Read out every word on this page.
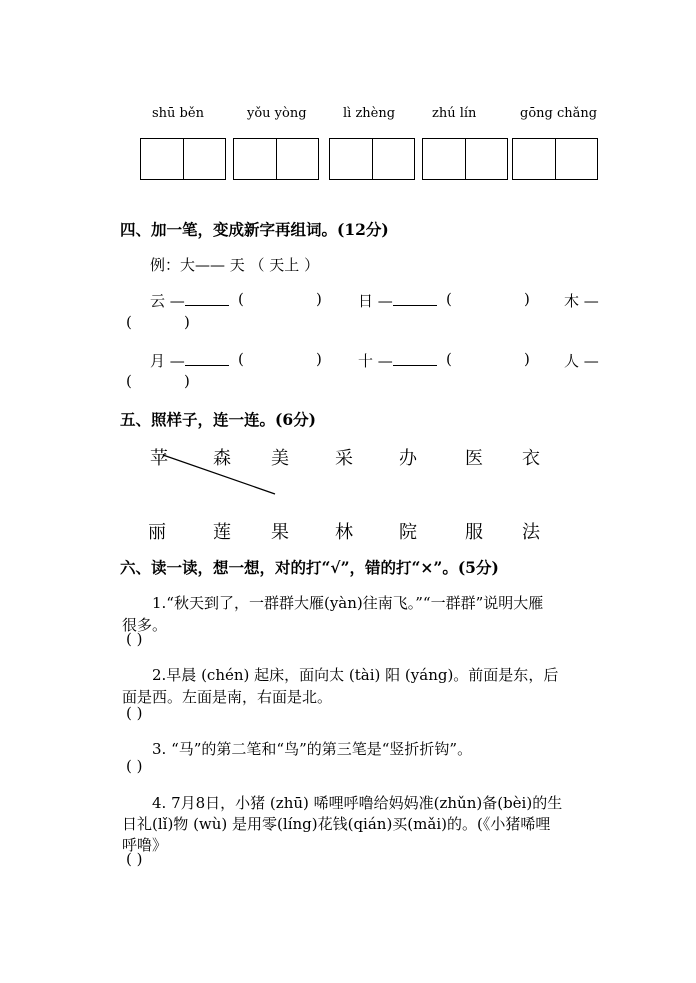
shū běn	yǒu yòng	lì zhèng	zhú lín	gōng chǎng
四、加一笔，变成新字再组词。(12分)
例：大—— 天 （ 天上 ）
云 —	(	) 日 —	(	) 木 —
(	)
月 —	(	) 十 —	(	) 人 —
(	)
五、照样子，连一连。(6分)
苹	森 美	采	办	医 衣
丽	莲 果	林	院	服 法
六、读一读，想一想，对的打“√”，错的打“×”。(5分)
1.“秋天到了，一群群大雁(yàn)往南飞。”“一群群”说明大雁
很多。
( )
2.早晨 (chén) 起床，面向太 (tài) 阳 (yáng)。前面是东，后
面是西。左面是南，右面是北。
( )
3. “马”的第二笔和“鸟”的第三笔是“竖折折钩”。
( )
4. 7月8日，小猪 (zhū) 唏哩呼噜给妈妈准(zhǔn)备(bèi)的生
日礼(lǐ)物 (wù) 是用零(líng)花钱(qián)买(mǎi)的。(《小猪唏哩
呼噜》
( )
